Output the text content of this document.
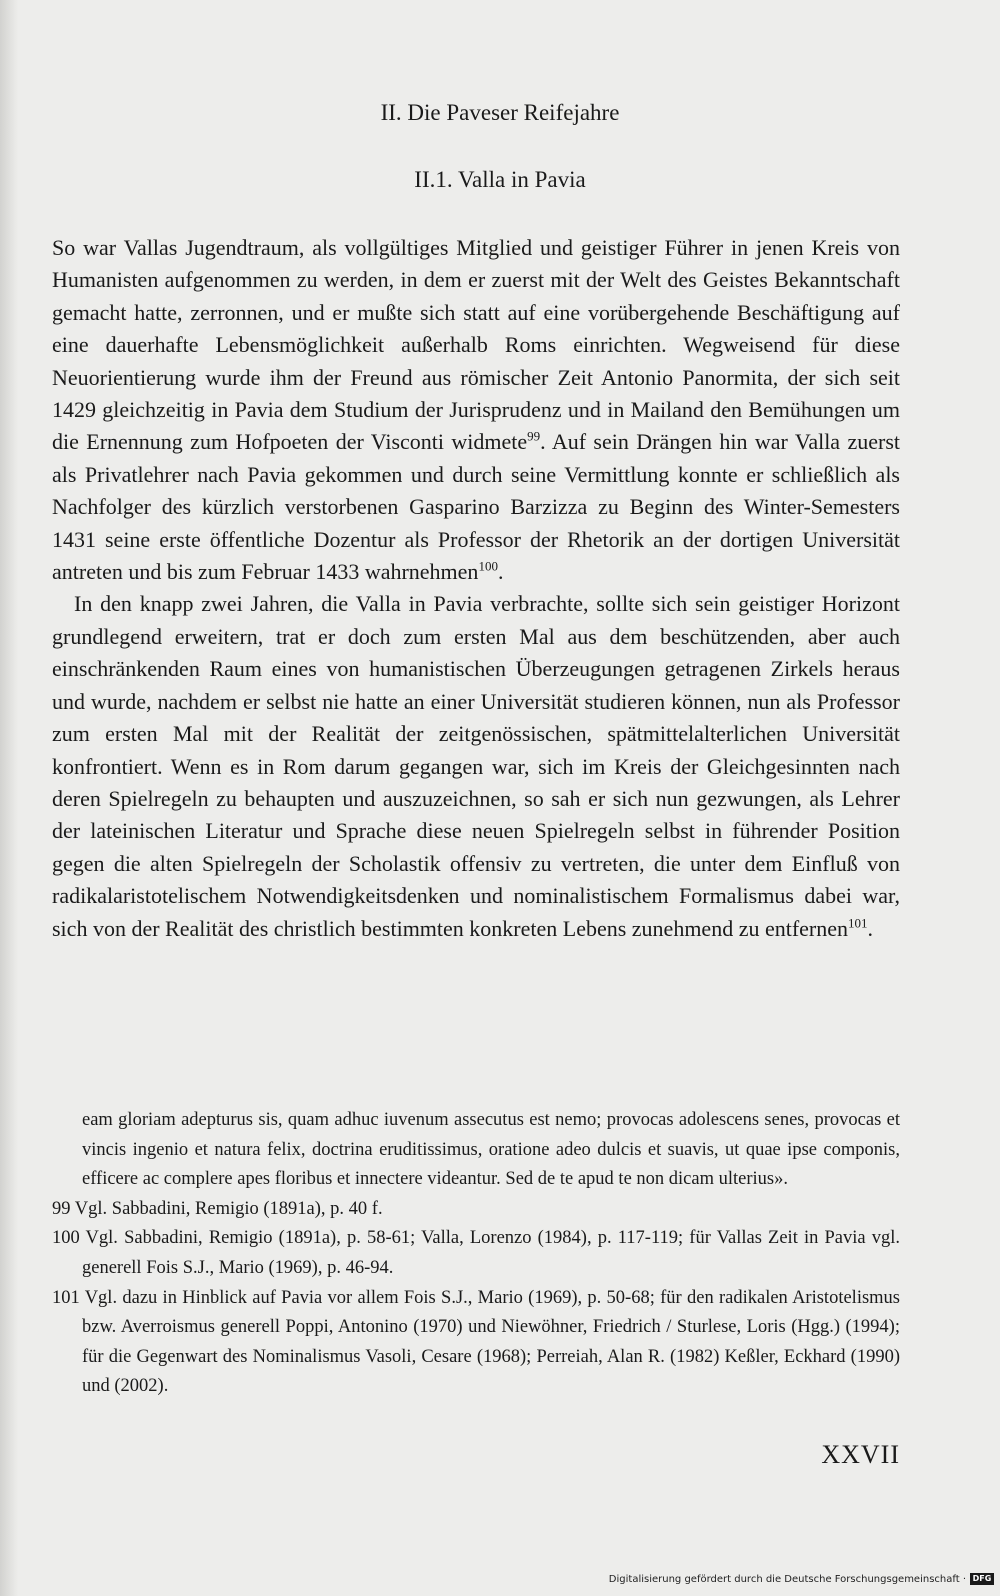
II. Die Paveser Reifejahre
II.1. Valla in Pavia

So war Vallas Jugendtraum, als vollgültiges Mitglied und geistiger Führer in jenen Kreis von Humanisten aufgenommen zu werden, in dem er zuerst mit der Welt des Geistes Bekanntschaft gemacht hatte, zerronnen, und er mußte sich statt auf eine vorübergehende Beschäftigung auf eine dauerhafte Lebensmöglichkeit außerhalb Roms einrichten. Wegweisend für diese Neuorientierung wurde ihm der Freund aus römischer Zeit Antonio Panormita, der sich seit 1429 gleichzeitig in Pavia dem Studium der Jurisprudenz und in Mailand den Bemühungen um die Ernennung zum Hofpoeten der Visconti widmete$^{99}$. Auf sein Drängen hin war Valla zuerst als Privatlehrer nach Pavia gekommen und durch seine Vermittlung konnte er schließlich als Nachfolger des kürzlich verstorbenen Gasparino Barzizza zu Beginn des Winter-Semesters 1431 seine erste öffentliche Dozentur als Professor der Rhetorik an der dortigen Universität antreten und bis zum Februar 1433 wahrnehmen$^{100}$.

In den knapp zwei Jahren, die Valla in Pavia verbrachte, sollte sich sein geistiger Horizont grundlegend erweitern, trat er doch zum ersten Mal aus dem beschützenden, aber auch einschränkenden Raum eines von humanistischen Überzeugungen getragenen Zirkels heraus und wurde, nachdem er selbst nie hatte an einer Universität studieren können, nun als Professor zum ersten Mal mit der Realität der zeitgenössischen, spätmittelalterlichen Universität konfrontiert. Wenn es in Rom darum gegangen war, sich im Kreis der Gleichgesinnten nach deren Spielregeln zu behaupten und auszuzeichnen, so sah er sich nun gezwungen, als Lehrer der lateinischen Literatur und Sprache diese neuen Spielregeln selbst in führender Position gegen die alten Spielregeln der Scholastik offensiv zu vertreten, die unter dem Einfluß von radikalaristotelischem Notwendigkeitsdenken und nominalistischem Formalismus dabei war, sich von der Realität des christlich bestimmten konkreten Lebens zunehmend zu entfernen$^{101}$.

eam gloriam adepturus sis, quam adhuc iuvenum assecutus est nemo; provocas adolescens senes, provocas et vincis ingenio et natura felix, doctrina eruditissimus, oratione adeo dulcis et suavis, ut quae ipse componis, efficere ac complere apes floribus et innectere videantur. Sed de te apud te non dicam ulterius».

99 Vgl. Sabbadini, Remigio (1891a), p. 40 f.

100 Vgl. Sabbadini, Remigio (1891a), p. 58-61; Valla, Lorenzo (1984), p. 117-119; für Vallas Zeit in Pavia vgl. generell Fois S.J., Mario (1969), p. 46-94.

101 Vgl. dazu in Hinblick auf Pavia vor allem Fois S.J., Mario (1969), p. 50-68; für den radikalen Aristotelismus bzw. Averroismus generell Poppi, Antonino (1970) und Niewöhner, Friedrich / Sturlese, Loris (Hgg.) (1994); für die Gegenwart des Nominalismus Vasoli, Cesare (1968); Perreiah, Alan R. (1982) Keßler, Eckhard (1990) und (2002).

XXVII
Digitalisierung gefördert durch die Deutsche Forschungsgemeinschaft · DFG
